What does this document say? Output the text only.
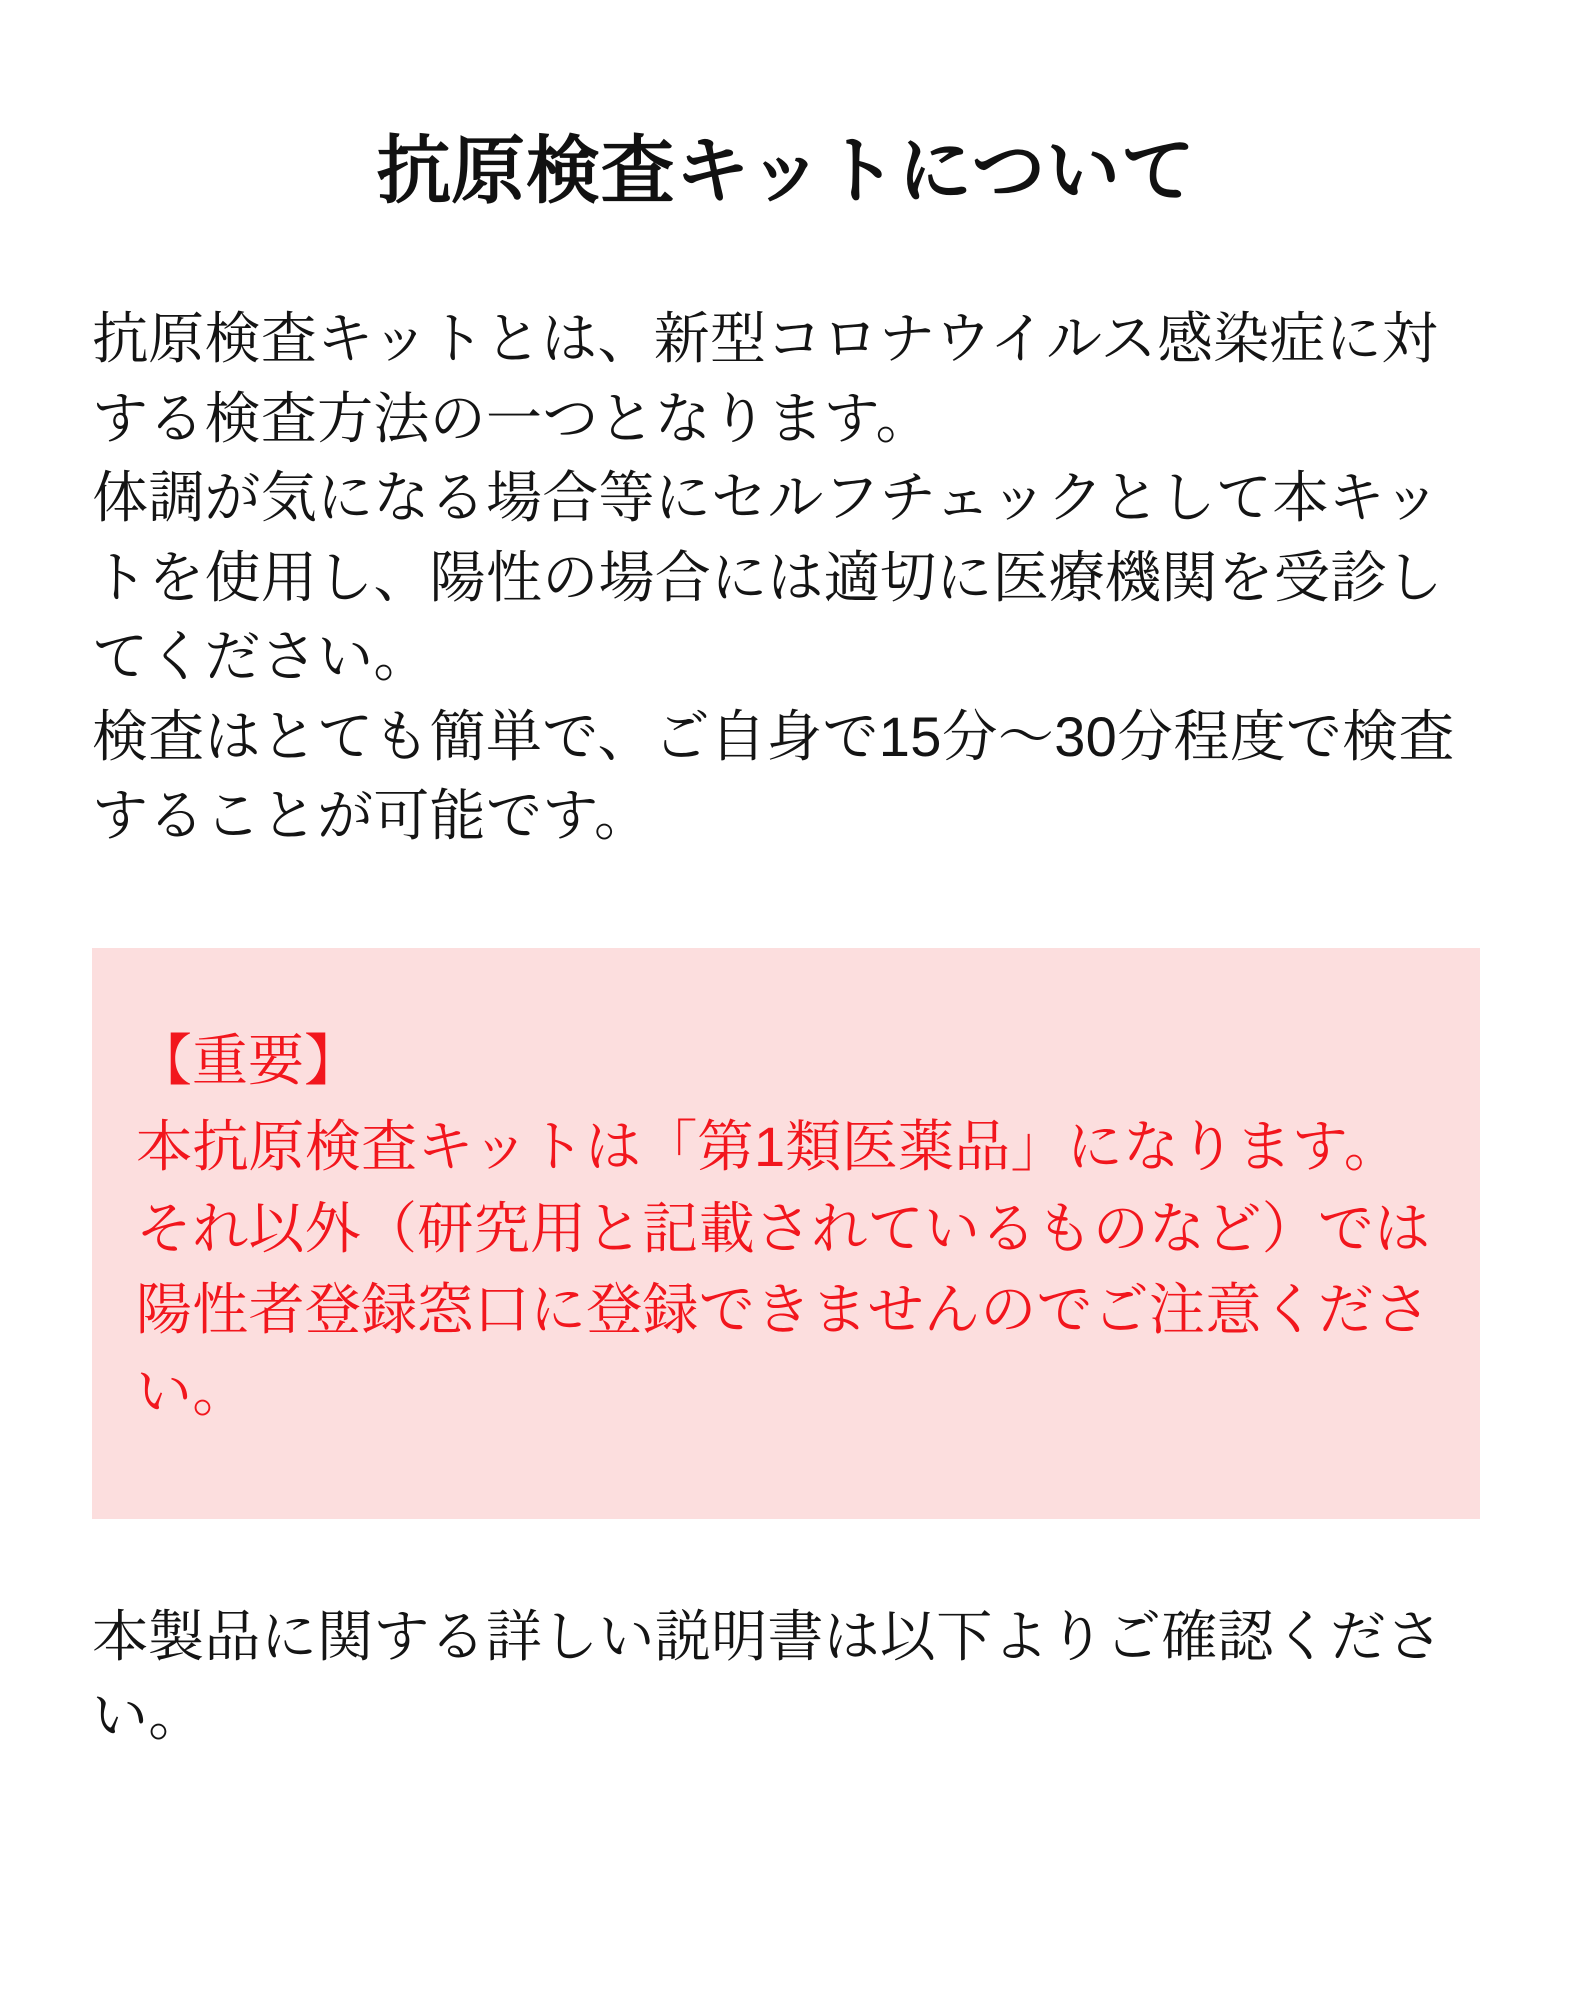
抗原検査キットについて

抗原検査キットとは、新型コロナウイルス感染症に対する検査方法の一つとなります。

体調が気になる場合等にセルフチェックとして本キットを使用し、陽性の場合には適切に医療機関を受診してください。

検査はとても簡単で、ご自身で15分〜30分程度で検査することが可能です。

【重要】

本抗原検査キットは「第1類医薬品」になります。

それ以外（研究用と記載されているものなど）では陽性者登録窓口に登録できませんのでご注意ください。

本製品に関する詳しい説明書は以下よりご確認ください。
